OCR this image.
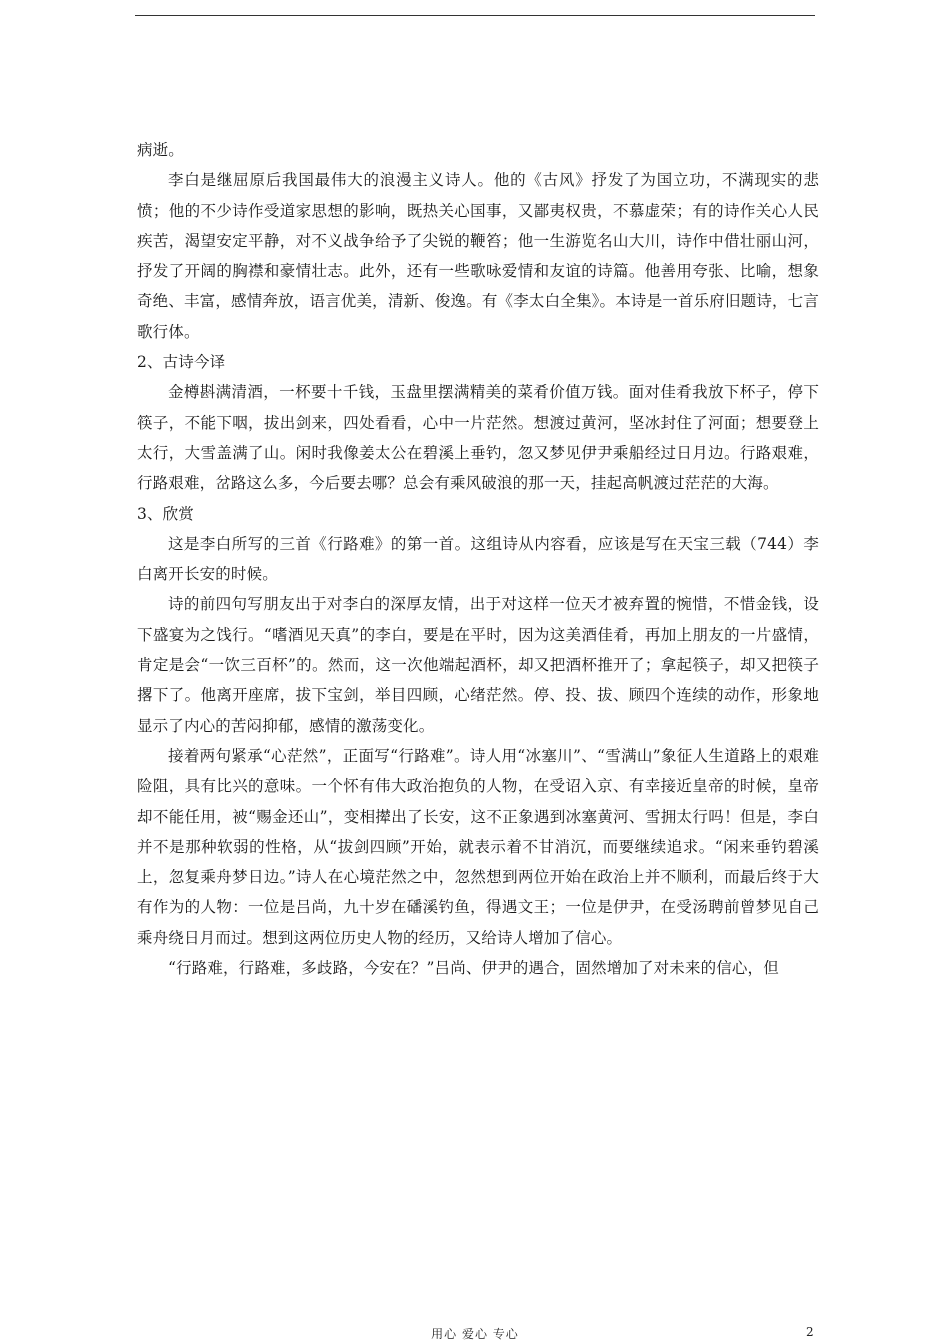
病逝。

李白是继屈原后我国最伟大的浪漫主义诗人。他的《古风》抒发了为国立功，不满现实的悲愤；他的不少诗作受道家思想的影响，既热关心国事，又鄙夷权贵，不慕虚荣；有的诗作关心人民疾苦，渴望安定平静，对不义战争给予了尖锐的鞭笞；他一生游览名山大川，诗作中借壮丽山河，抒发了开阔的胸襟和豪情壮志。此外，还有一些歌咏爱情和友谊的诗篇。他善用夸张、比喻，想象奇绝、丰富，感情奔放，语言优美，清新、俊逸。有《李太白全集》。本诗是一首乐府旧题诗，七言歌行体。

2、古诗今译

金樽斟满清酒，一杯要十千钱，玉盘里摆满精美的菜肴价值万钱。面对佳肴我放下杯子，停下筷子，不能下咽，拔出剑来，四处看看，心中一片茫然。想渡过黄河，坚冰封住了河面；想要登上太行，大雪盖满了山。闲时我像姜太公在碧溪上垂钓，忽又梦见伊尹乘船经过日月边。行路艰难，行路艰难，岔路这么多，今后要去哪？总会有乘风破浪的那一天，挂起高帆渡过茫茫的大海。

3、欣赏

这是李白所写的三首《行路难》的第一首。这组诗从内容看，应该是写在天宝三载（744）李白离开长安的时候。

诗的前四句写朋友出于对李白的深厚友情，出于对这样一位天才被弃置的惋惜，不惜金钱，设下盛宴为之饯行。“嗜酒见天真”的李白，要是在平时，因为这美酒佳肴，再加上朋友的一片盛情，肯定是会“一饮三百杯”的。然而，这一次他端起酒杯，却又把酒杯推开了；拿起筷子，却又把筷子撂下了。他离开座席，拔下宝剑，举目四顾，心绪茫然。停、投、拔、顾四个连续的动作，形象地显示了内心的苦闷抑郁，感情的激荡变化。

接着两句紧承“心茫然”，正面写“行路难”。诗人用“冰塞川”、“雪满山”象征人生道路上的艰难险阻，具有比兴的意味。一个怀有伟大政治抱负的人物，在受诏入京、有幸接近皇帝的时候，皇帝却不能任用，被“赐金还山”，变相撵出了长安，这不正象遇到冰塞黄河、雪拥太行吗！但是，李白并不是那种软弱的性格，从“拔剑四顾”开始，就表示着不甘消沉，而要继续追求。“闲来垂钓碧溪上，忽复乘舟梦日边。”诗人在心境茫然之中，忽然想到两位开始在政治上并不顺利，而最后终于大有作为的人物：一位是吕尚，九十岁在磻溪钓鱼，得遇文王；一位是伊尹，在受汤聘前曾梦见自己乘舟绕日月而过。想到这两位历史人物的经历，又给诗人增加了信心。

“行路难，行路难，多歧路，今安在？”吕尚、伊尹的遇合，固然增加了对未来的信心，但

用心 爱心 专心	2
